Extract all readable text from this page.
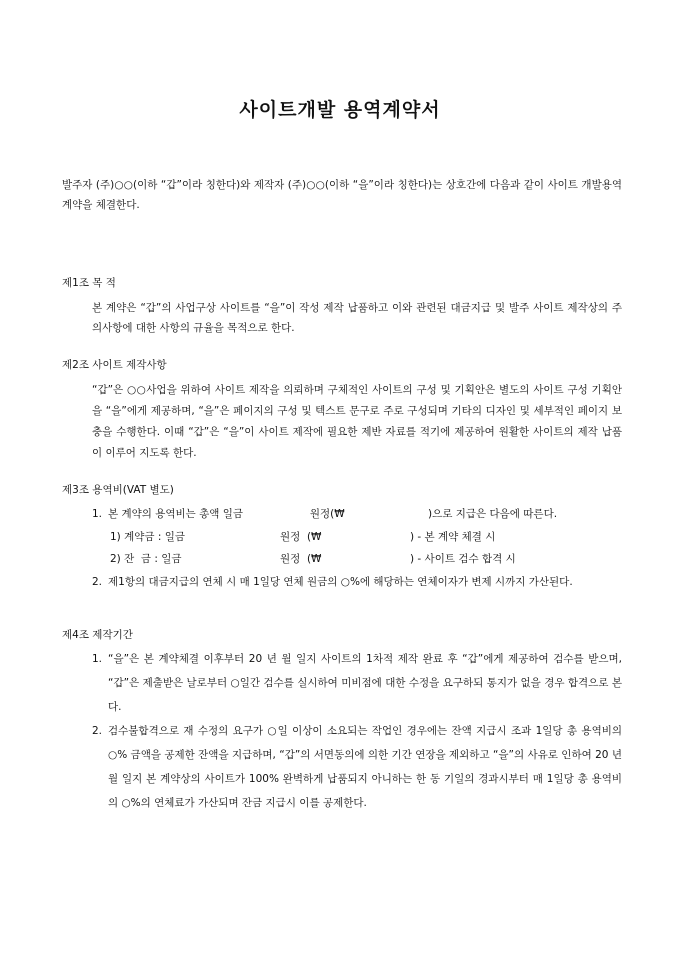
사이트개발 용역계약서
발주자 (주)○○(이하 “갑”이라 칭한다)와 제작자 (주)○○(이하 “을”이라 칭한다)는 상호간에 다음과 같이 사이트 개발용역 계약을 체결한다.
제1조 목 적
본 계약은 “갑”의 사업구상 사이트를 “을”이 작성 제작 납품하고 이와 관련된 대금지급 및 발주 사이트 제작상의 주의사항에 대한 사항의 규율을 목적으로 한다.
제2조 사이트 제작사항
“갑”은 ○○사업을 위하여 사이트 제작을 의뢰하며 구체적인 사이트의 구성 및 기획안은 별도의 사이트 구성 기획안을 “을”에게 제공하며, “을”은 페이지의 구성 및 텍스트 문구로 주로 구성되며 기타의 디자인 및 세부적인 페이지 보충을 수행한다. 이때 “갑”은 “을”이 사이트 제작에 필요한 제반 자료를 적기에 제공하여 원활한 사이트의 제작 납품이 이루어 지도록 한다.
제3조 용역비(VAT 별도)
1. 본 계약의 용역비는 총액 일금                    원정(₩                         )으로 지급은 다음에 따른다.
1) 계약금 : 일금	원정  (₩	) - 본 계약 체결 시
2) 잔  금 : 일금	원정  (₩	) - 사이트 검수 합격 시
2. 제1항의 대금지급의 연체 시 매 1일당 연체 원금의 ○%에 해당하는 연체이자가 변제 시까지 가산된다.
제4조 제작기간
1. “을”은 본 계약체결 이후부터 20 년 월 일지 사이트의 1차적 제작 완료 후 “갑”에게 제공하여 검수를 받으며, “갑”은 제출받은 날로부터 ○일간 검수를 실시하여 미비점에 대한 수정을 요구하되 통지가 없을 경우 합격으로 본다.
2. 검수불합격으로 재 수정의 요구가 ○일 이상이 소요되는 작업인 경우에는 잔액 지급시 조과 1일당 총 용역비의 ○% 금액을 공제한 잔액을 지급하며, “갑”의 서면동의에 의한 기간 연장을 제외하고 “을”의 사유로 인하여 20 년 월 일지 본 계약상의 사이트가 100% 완벽하게 납품되지 아니하는 한 동 기일의 경과시부터 매 1일당 총 용역비의 ○%의 연체료가 가산되며 잔금 지급시 이를 공제한다.
